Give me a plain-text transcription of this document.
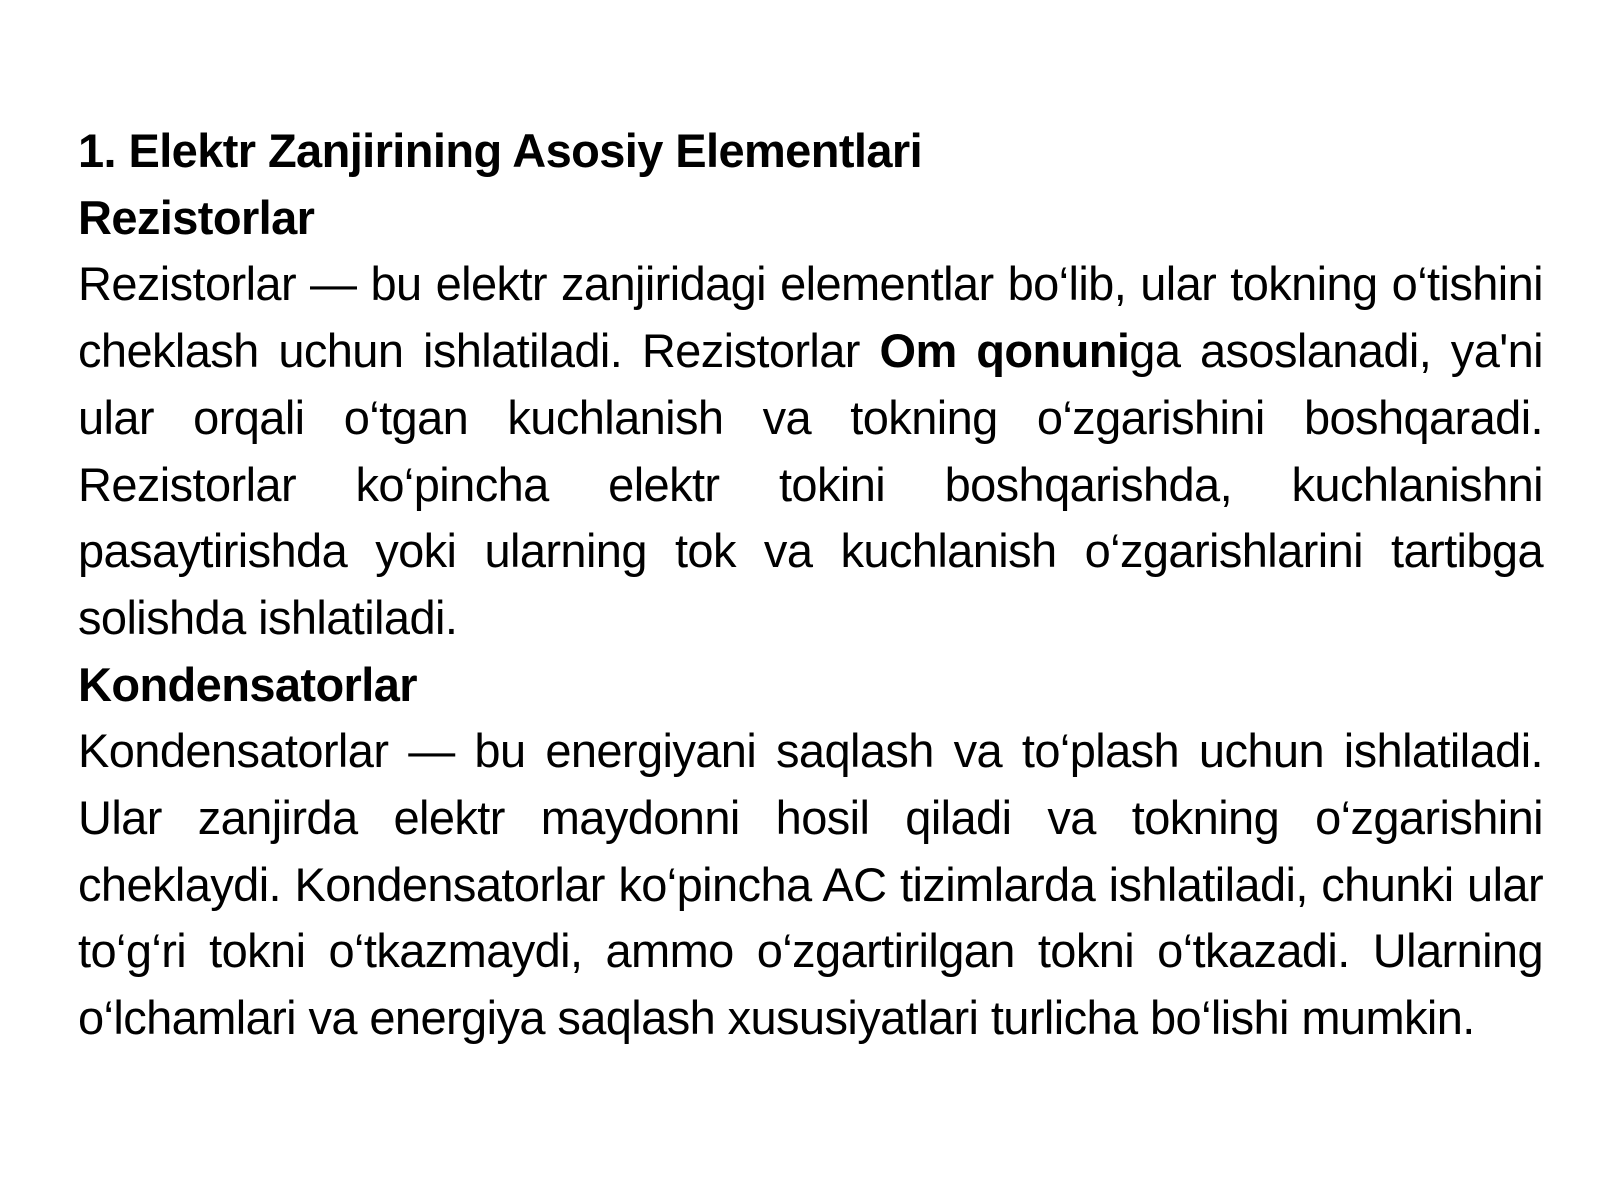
1. Elektr Zanjirining Asosiy Elementlari

Rezistorlar

Rezistorlar — bu elektr zanjiridagi elementlar bo‘lib, ular tokning o‘tishini cheklash uchun ishlatiladi. Rezistorlar Om qonuniga asoslanadi, ya'ni ular orqali o‘tgan kuchlanish va tokning o‘zgarishini boshqaradi. Rezistorlar ko‘pincha elektr tokini boshqarishda, kuchlanishni pasaytirishda yoki ularning tok va kuchlanish o‘zgarishlarini tartibga solishda ishlatiladi.

Kondensatorlar

Kondensatorlar — bu energiyani saqlash va to‘plash uchun ishlatiladi. Ular zanjirda elektr maydonni hosil qiladi va tokning o‘zgarishini cheklaydi. Kondensatorlar ko‘pincha AC tizimlarda ishlatiladi, chunki ular to‘g‘ri tokni o‘tkazmaydi, ammo o‘zgartirilgan tokni o‘tkazadi. Ularning o‘lchamlari va energiya saqlash xususiyatlari turlicha bo‘lishi mumkin.
